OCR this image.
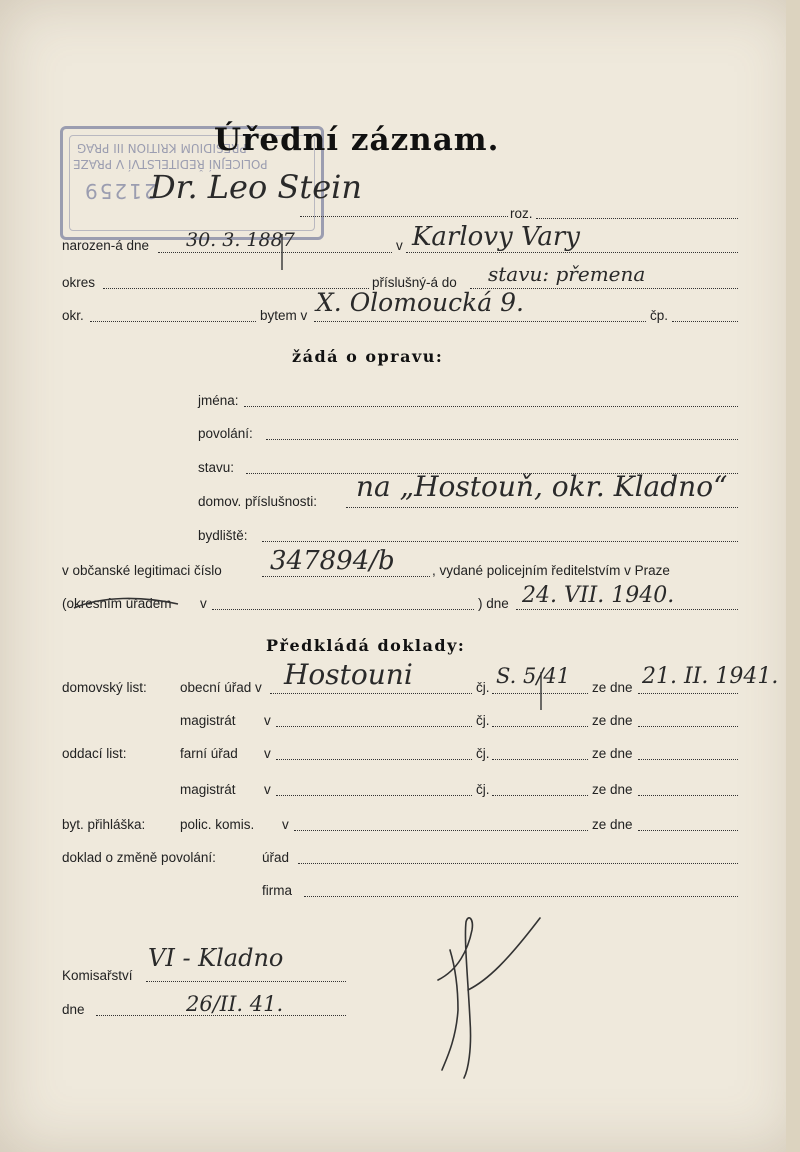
PRESIDIUM KRITION III PRAG
POLICEJNÍ ŘEDITELSTVÍ V PRAZE
21259
Úřední záznam.
Dr. Leo Stein
roz.
narozen-á dne 30. 3. 1887	v Karlovy Vary
okres	příslušný-á do stavu: přemena
okr.	bytem v X. Olomoucká 9.	čp.
žádá o opravu:
jména:
povolání:
stavu:
domov. příslušnosti: na „Hostouň, okr. Kladno“
bydliště:
v občanské legitimaci číslo 347894/b	, vydané policejním ředitelstvím v Praze
(okresním úřadem v	) dne 24. VII. 1940.
Předkládá doklady:
domovský list: obecní úřad v Hostouni	čj. S. 5/41 ze dne 21. II. 1941.
magistrát v	čj.	ze dne
oddací list:	farní úřad v	čj.	ze dne
magistrát v	čj.	ze dne
byt. přihláška:	polic. komis. v	ze dne
doklad o změně povolání:	úřad
firma
Komisařství
VI - Kladno
dne	26/II. 41.
